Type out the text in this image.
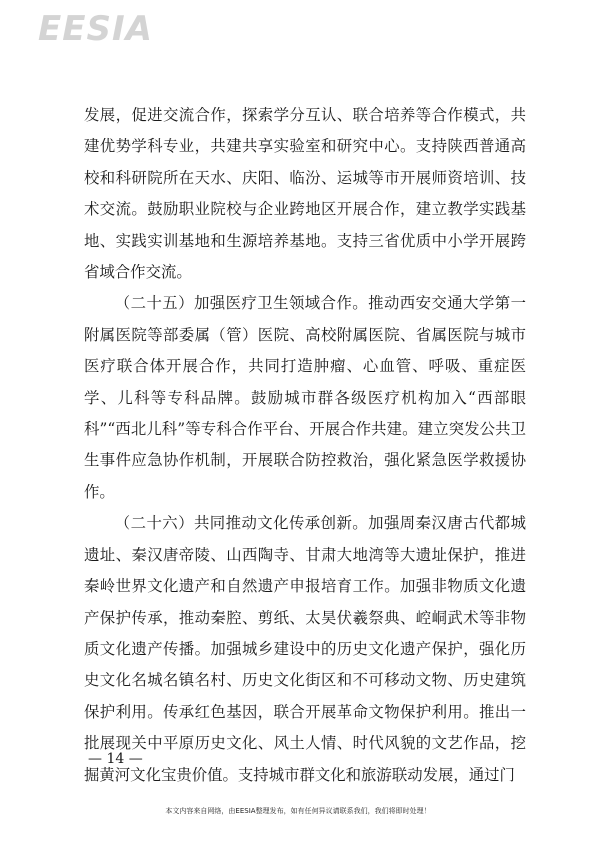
EESIA

发展，促进交流合作，探索学分互认、联合培养等合作模式，共建优势学科专业，共建共享实验室和研究中心。支持陕西普通高校和科研院所在天水、庆阳、临汾、运城等市开展师资培训、技术交流。鼓励职业院校与企业跨地区开展合作，建立教学实践基地、实践实训基地和生源培养基地。支持三省优质中小学开展跨省域合作交流。

（二十五）加强医疗卫生领域合作。推动西安交通大学第一附属医院等部委属（管）医院、高校附属医院、省属医院与城市医疗联合体开展合作，共同打造肿瘤、心血管、呼吸、重症医学、儿科等专科品牌。鼓励城市群各级医疗机构加入“西部眼科”“西北儿科”等专科合作平台、开展合作共建。建立突发公共卫生事件应急协作机制，开展联合防控救治，强化紧急医学救援协作。

（二十六）共同推动文化传承创新。加强周秦汉唐古代都城遗址、秦汉唐帝陵、山西陶寺、甘肃大地湾等大遗址保护，推进秦岭世界文化遗产和自然遗产申报培育工作。加强非物质文化遗产保护传承，推动秦腔、剪纸、太昊伏羲祭典、崆峒武术等非物质文化遗产传播。加强城乡建设中的历史文化遗产保护，强化历史文化名城名镇名村、历史文化街区和不可移动文物、历史建筑保护利用。传承红色基因，联合开展革命文物保护利用。推出一批展现关中平原历史文化、风土人情、时代风貌的文艺作品，挖掘黄河文化宝贵价值。支持城市群文化和旅游联动发展，通过门

— 14 —
本文内容来自网络，由EESIA整理发布，如有任何异议请联系我们，我们将即时处理！
